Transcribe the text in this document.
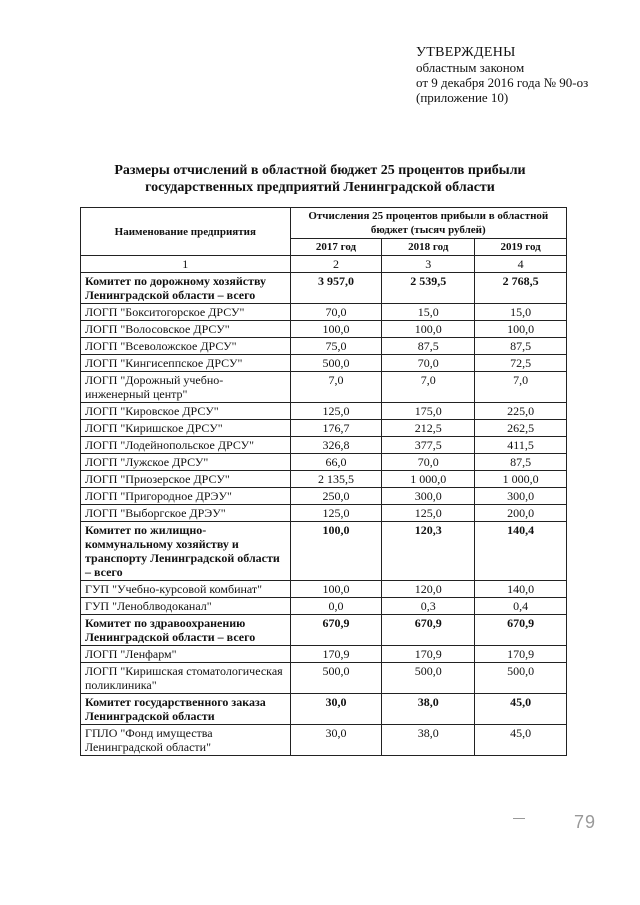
УТВЕРЖДЕНЫ
областным законом
от 9 декабря 2016 года № 90-оз
(приложение 10)
Размеры отчислений в областной бюджет 25 процентов прибыли
государственных предприятий Ленинградской области
Наименование предприятия	Отчисления 25 процентов прибыли в областной бюджет (тысяч рублей)		
	2017 год	2018 год	2019 год
1	2	3	4
Комитет по дорожному хозяйству Ленинградской области – всего	3 957,0	2 539,5	2 768,5
ЛОГП "Бокситогорское ДРСУ"	70,0	15,0	15,0
ЛОГП "Волосовское ДРСУ"	100,0	100,0	100,0
ЛОГП "Всеволожское ДРСУ"	75,0	87,5	87,5
ЛОГП "Кингисеппское ДРСУ"	500,0	70,0	72,5
ЛОГП "Дорожный учебно-инженерный центр"	7,0	7,0	7,0
ЛОГП "Кировское ДРСУ"	125,0	175,0	225,0
ЛОГП "Киришское ДРСУ"	176,7	212,5	262,5
ЛОГП "Лодейнопольское ДРСУ"	326,8	377,5	411,5
ЛОГП "Лужское ДРСУ"	66,0	70,0	87,5
ЛОГП "Приозерское ДРСУ"	2 135,5	1 000,0	1 000,0
ЛОГП "Пригородное ДРЭУ"	250,0	300,0	300,0
ЛОГП "Выборгское ДРЭУ"	125,0	125,0	200,0
Комитет по жилищно-коммунальному хозяйству и транспорту Ленинградской области – всего	100,0	120,3	140,4
ГУП "Учебно-курсовой комбинат"	100,0	120,0	140,0
ГУП "Леноблводоканал"	0,0	0,3	0,4
Комитет по здравоохранению Ленинградской области – всего	670,9	670,9	670,9
ЛОГП "Ленфарм"	170,9	170,9	170,9
ЛОГП "Киришская стоматологическая поликлиника"	500,0	500,0	500,0
Комитет государственного заказа Ленинградской области	30,0	38,0	45,0
ГПЛО "Фонд имущества Ленинградской области"	30,0	38,0	45,0
79
